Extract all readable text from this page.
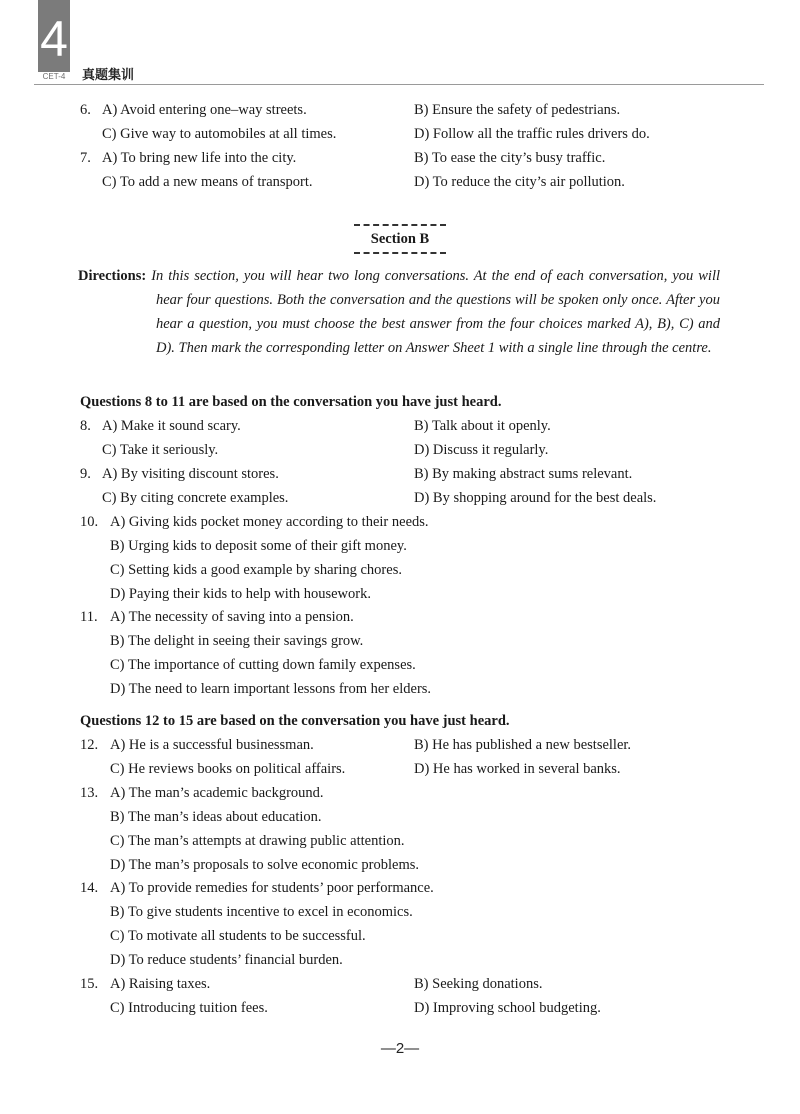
4
CET-4	真题集训
6. A) Avoid entering one–way streets.	B) Ensure the safety of pedestrians.
C) Give way to automobiles at all times.	D) Follow all the traffic rules drivers do.
7. A) To bring new life into the city.	B) To ease the city’s busy traffic.
C) To add a new means of transport.	D) To reduce the city’s air pollution.
Section B
Directions: In this section, you will hear two long conversations. At the end of each conversation, you will hear four questions. Both the conversation and the questions will be spoken only once. After you hear a question, you must choose the best answer from the four choices marked A), B), C) and D). Then mark the corresponding letter on Answer Sheet 1 with a single line through the centre.
Questions 8 to 11 are based on the conversation you have just heard.
8. A) Make it sound scary.	B) Talk about it openly.
C) Take it seriously.	D) Discuss it regularly.
9. A) By visiting discount stores.	B) By making abstract sums relevant.
C) By citing concrete examples.	D) By shopping around for the best deals.
10. A) Giving kids pocket money according to their needs.
B) Urging kids to deposit some of their gift money.
C) Setting kids a good example by sharing chores.
D) Paying their kids to help with housework.
11. A) The necessity of saving into a pension.
B) The delight in seeing their savings grow.
C) The importance of cutting down family expenses.
D) The need to learn important lessons from her elders.
Questions 12 to 15 are based on the conversation you have just heard.
12. A) He is a successful businessman.	B) He has published a new bestseller.
C) He reviews books on political affairs.	D) He has worked in several banks.
13. A) The man’s academic background.
B) The man’s ideas about education.
C) The man’s attempts at drawing public attention.
D) The man’s proposals to solve economic problems.
14. A) To provide remedies for students’ poor performance.
B) To give students incentive to excel in economics.
C) To motivate all students to be successful.
D) To reduce students’ financial burden.
15. A) Raising taxes.	B) Seeking donations.
C) Introducing tuition fees.	D) Improving school budgeting.
—2—
